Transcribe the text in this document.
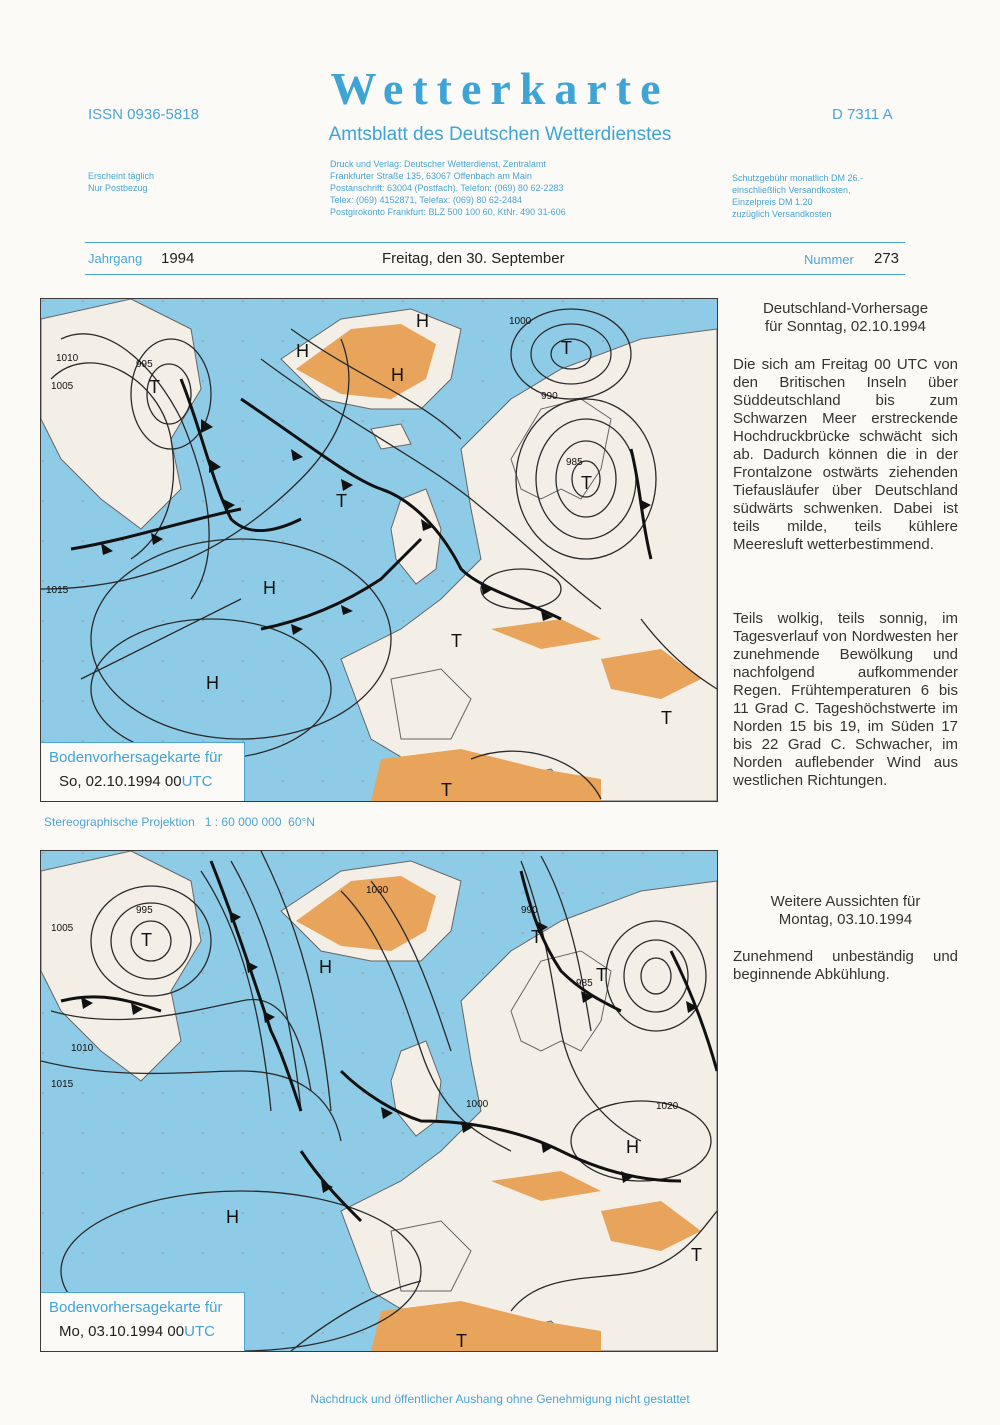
ISSN 0936-5818	D 7311 A
Wetterkarte
Amtsblatt des Deutschen Wetterdienstes
Erscheint täglich
Nur Postbezug
Druck und Verlag: Deutscher Wetterdienst, Zentralamt
Frankfurter Straße 135, 63067 Offenbach am Main
Postanschrift: 63004 (Postfach), Telefon: (069) 80 62-2283
Telex: (069) 4152871, Telefax: (069) 80 62-2484
Postgirokonto Frankfurt: BLZ 500 100 60, KtNr. 490 31-606
Schutzgebühr monatlich DM 26.-
einschließlich Versandkosten,
Einzelpreis DM 1.20
zuzüglich Versandkosten
Jahrgang 1994	Freitag, den 30. September	Nummer 273
H
H
H
H
H
T
T
T
T
T
T
T
1010
1005
995
1015
1000
990
985
Bodenvorhersagekarte für
So, 02.10.1994 00UTC
Stereographische Projektion   1 : 60 000 000  60°N
H
H
H
T	T
T
T
T
1030
995	990
1005
1010
1015
1000	1020
985
Bodenvorhersagekarte für
Mo, 03.10.1994 00UTC
Deutschland-Vorhersage
für Sonntag, 02.10.1994
Die sich am Freitag 00 UTC von den Britischen Inseln über Süddeutschland bis zum Schwarzen Meer erstreckende Hochdruckbrücke schwächt sich ab. Dadurch können die in der Frontalzone ostwärts ziehenden Tiefausläufer über Deutschland südwärts schwenken. Dabei ist teils milde, teils kühlere Meeresluft wetterbestimmend.
Teils wolkig, teils sonnig, im Tagesverlauf von Nordwesten her zunehmende Bewölkung und nachfolgend aufkommender Regen. Frühtemperaturen 6 bis 11 Grad C. Tageshöchstwerte im Norden 15 bis 19, im Süden 17 bis 22 Grad C. Schwacher, im Norden auflebender Wind aus westlichen Richtungen.
Weitere Aussichten für
Montag, 03.10.1994
Zunehmend unbeständig und beginnende Abkühlung.
Nachdruck und öffentlicher Aushang ohne Genehmigung nicht gestattet
